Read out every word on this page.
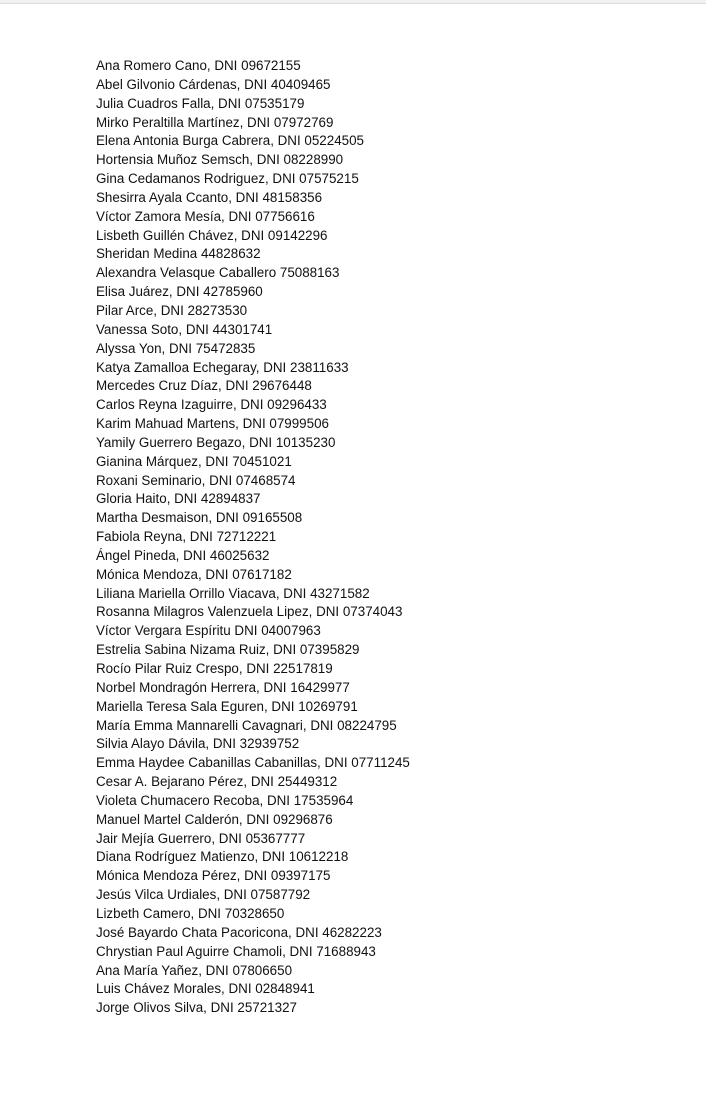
Ana Romero Cano, DNI 09672155
Abel Gilvonio Cárdenas, DNI 40409465
Julia Cuadros Falla, DNI 07535179
Mirko Peraltilla Martínez, DNI 07972769
Elena Antonia Burga Cabrera, DNI 05224505
Hortensia Muñoz Semsch, DNI 08228990
Gina Cedamanos Rodriguez, DNI 07575215
Shesirra Ayala Ccanto, DNI 48158356
Víctor Zamora Mesía, DNI 07756616
Lisbeth Guillén Chávez, DNI 09142296
Sheridan Medina 44828632
Alexandra Velasque Caballero 75088163
Elisa Juárez, DNI 42785960
Pilar Arce, DNI 28273530
Vanessa Soto, DNI 44301741
Alyssa Yon, DNI 75472835
Katya Zamalloa Echegaray, DNI 23811633
Mercedes Cruz Díaz, DNI 29676448
Carlos Reyna Izaguirre, DNI 09296433
Karim Mahuad Martens, DNI 07999506
Yamily Guerrero Begazo, DNI 10135230
Gianina Márquez, DNI 70451021
Roxani Seminario, DNI 07468574
Gloria Haito, DNI 42894837
Martha Desmaison, DNI 09165508
Fabiola Reyna, DNI 72712221
Ángel Pineda, DNI 46025632
Mónica Mendoza, DNI 07617182
Liliana Mariella Orrillo Viacava, DNI 43271582
Rosanna Milagros Valenzuela Lipez, DNI 07374043
Víctor Vergara Espíritu DNI 04007963
Estrelia Sabina Nizama Ruiz, DNI 07395829
Rocío Pilar Ruiz Crespo, DNI 22517819
Norbel Mondragón Herrera, DNI 16429977
Mariella Teresa Sala Eguren, DNI 10269791
María Emma Mannarelli Cavagnari, DNI 08224795
Silvia Alayo Dávila, DNI 32939752
Emma Haydee Cabanillas Cabanillas, DNI 07711245
Cesar A. Bejarano Pérez, DNI 25449312
Violeta Chumacero Recoba, DNI 17535964
Manuel Martel Calderón, DNI 09296876
Jair Mejía Guerrero, DNI 05367777
Diana Rodríguez Matienzo, DNI 10612218
Mónica Mendoza Pérez, DNI 09397175
Jesús Vilca Urdiales, DNI 07587792
Lizbeth Camero, DNI 70328650
José Bayardo Chata Pacoricona, DNI 46282223
Chrystian Paul Aguirre Chamoli, DNI 71688943
Ana María Yañez, DNI 07806650
Luis Chávez Morales, DNI 02848941
Jorge Olivos Silva, DNI 25721327
